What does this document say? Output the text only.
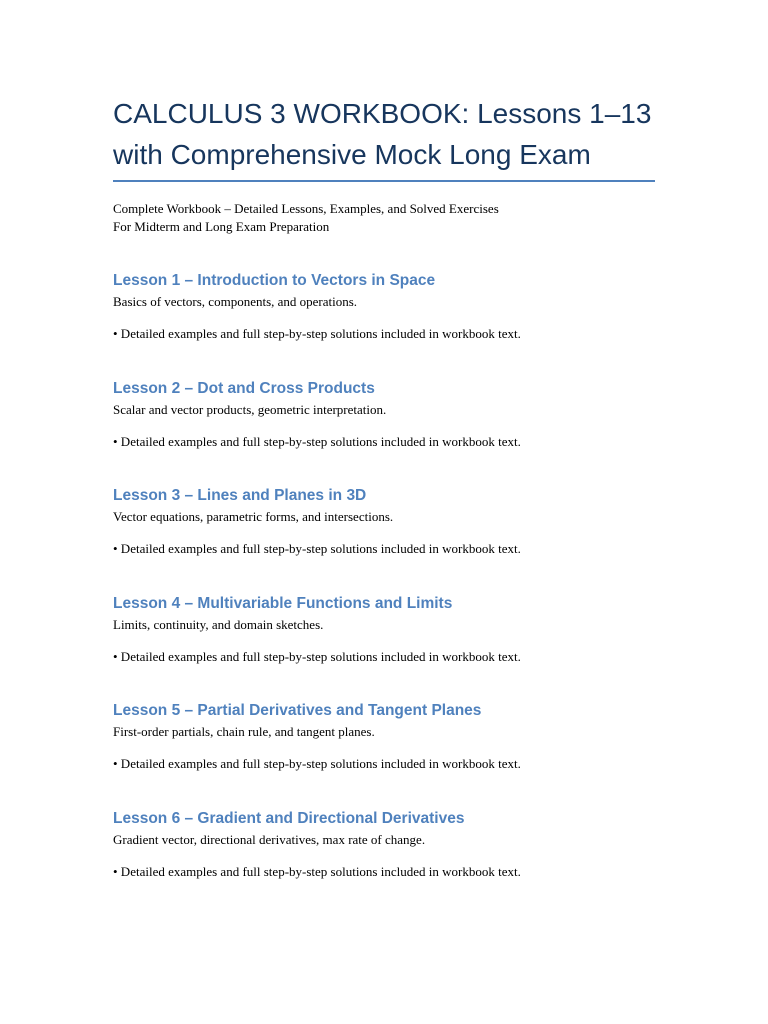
CALCULUS 3 WORKBOOK: Lessons 1–13
with Comprehensive Mock Long Exam
Complete Workbook – Detailed Lessons, Examples, and Solved Exercises
For Midterm and Long Exam Preparation
Lesson 1 – Introduction to Vectors in Space

Basics of vectors, components, and operations.

• Detailed examples and full step-by-step solutions included in workbook text.

Lesson 2 – Dot and Cross Products

Scalar and vector products, geometric interpretation.

• Detailed examples and full step-by-step solutions included in workbook text.

Lesson 3 – Lines and Planes in 3D

Vector equations, parametric forms, and intersections.

• Detailed examples and full step-by-step solutions included in workbook text.

Lesson 4 – Multivariable Functions and Limits

Limits, continuity, and domain sketches.

• Detailed examples and full step-by-step solutions included in workbook text.

Lesson 5 – Partial Derivatives and Tangent Planes

First-order partials, chain rule, and tangent planes.

• Detailed examples and full step-by-step solutions included in workbook text.

Lesson 6 – Gradient and Directional Derivatives

Gradient vector, directional derivatives, max rate of change.

• Detailed examples and full step-by-step solutions included in workbook text.
